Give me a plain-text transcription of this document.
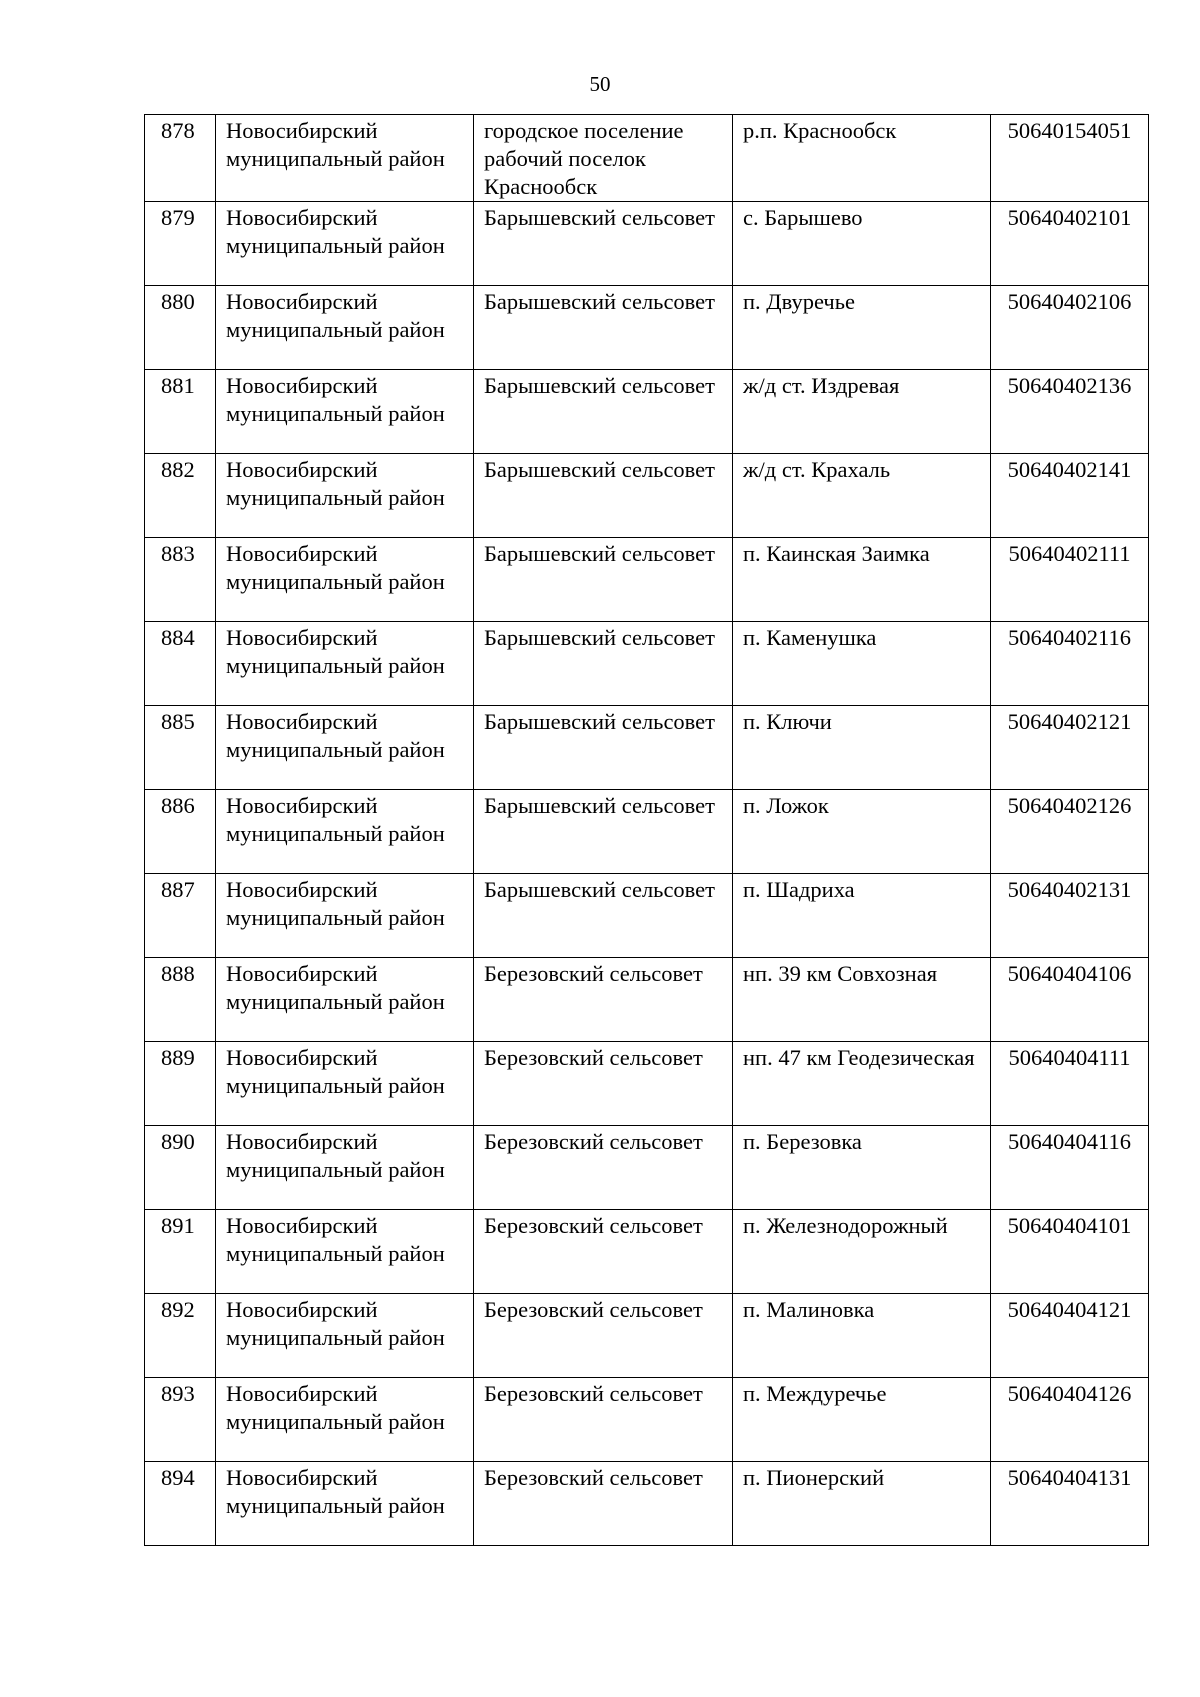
50
878	Новосибирский муниципальный район	городское поселение рабочий поселок Краснообск	р.п. Краснообск	50640154051
879	Новосибирский муниципальный район	Барышевский сельсовет	с. Барышево	50640402101
880	Новосибирский муниципальный район	Барышевский сельсовет	п. Двуречье	50640402106
881	Новосибирский муниципальный район	Барышевский сельсовет	ж/д ст. Издревая	50640402136
882	Новосибирский муниципальный район	Барышевский сельсовет	ж/д ст. Крахаль	50640402141
883	Новосибирский муниципальный район	Барышевский сельсовет	п. Каинская Заимка	50640402111
884	Новосибирский муниципальный район	Барышевский сельсовет	п. Каменушка	50640402116
885	Новосибирский муниципальный район	Барышевский сельсовет	п. Ключи	50640402121
886	Новосибирский муниципальный район	Барышевский сельсовет	п. Ложок	50640402126
887	Новосибирский муниципальный район	Барышевский сельсовет	п. Шадриха	50640402131
888	Новосибирский муниципальный район	Березовский сельсовет	нп. 39 км Совхозная	50640404106
889	Новосибирский муниципальный район	Березовский сельсовет	нп. 47 км Геодезическая	50640404111
890	Новосибирский муниципальный район	Березовский сельсовет	п. Березовка	50640404116
891	Новосибирский муниципальный район	Березовский сельсовет	п. Железнодорожный	50640404101
892	Новосибирский муниципальный район	Березовский сельсовет	п. Малиновка	50640404121
893	Новосибирский муниципальный район	Березовский сельсовет	п. Междуречье	50640404126
894	Новосибирский муниципальный район	Березовский сельсовет	п. Пионерский	50640404131
